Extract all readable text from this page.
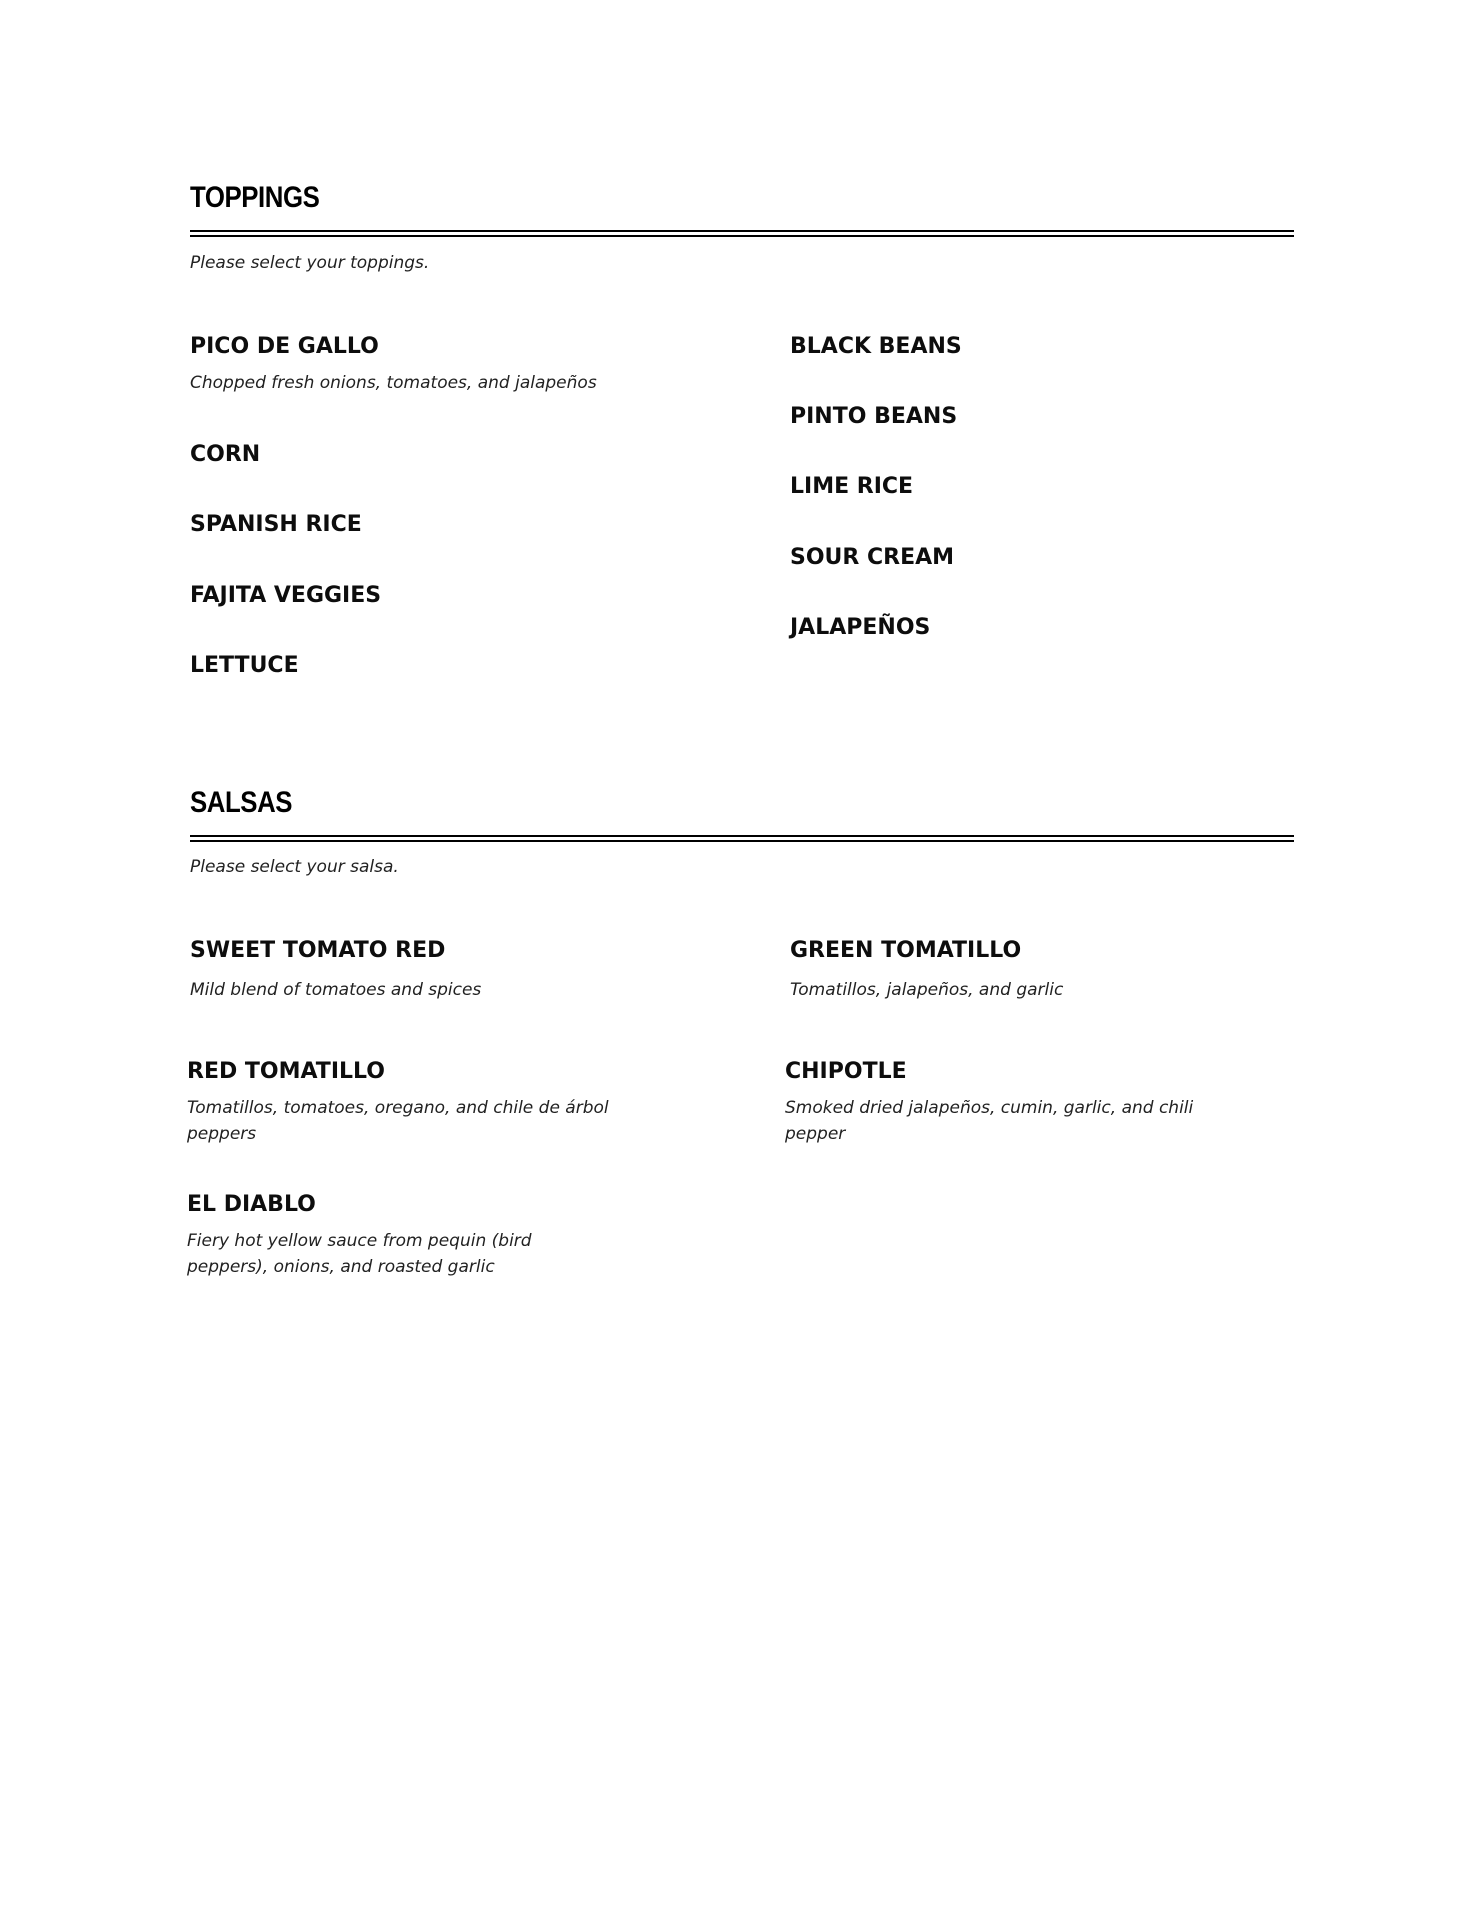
TOPPINGS
Please select your toppings.
PICO DE GALLO

Chopped fresh onions, tomatoes, and jalapeños

CORN
SPANISH RICE
FAJITA VEGGIES
LETTUCE
BLACK BEANS
PINTO BEANS
LIME RICE
SOUR CREAM
JALAPEÑOS
SALSAS
Please select your salsa.
SWEET TOMATO RED

Mild blend of tomatoes and spices

GREEN TOMATILLO

Tomatillos, jalapeños, and garlic

RED TOMATILLO

Tomatillos, tomatoes, oregano, and chile de árbol peppers

CHIPOTLE

Smoked dried jalapeños, cumin, garlic, and chili pepper

EL DIABLO

Fiery hot yellow sauce from pequin (bird peppers), onions, and roasted garlic
